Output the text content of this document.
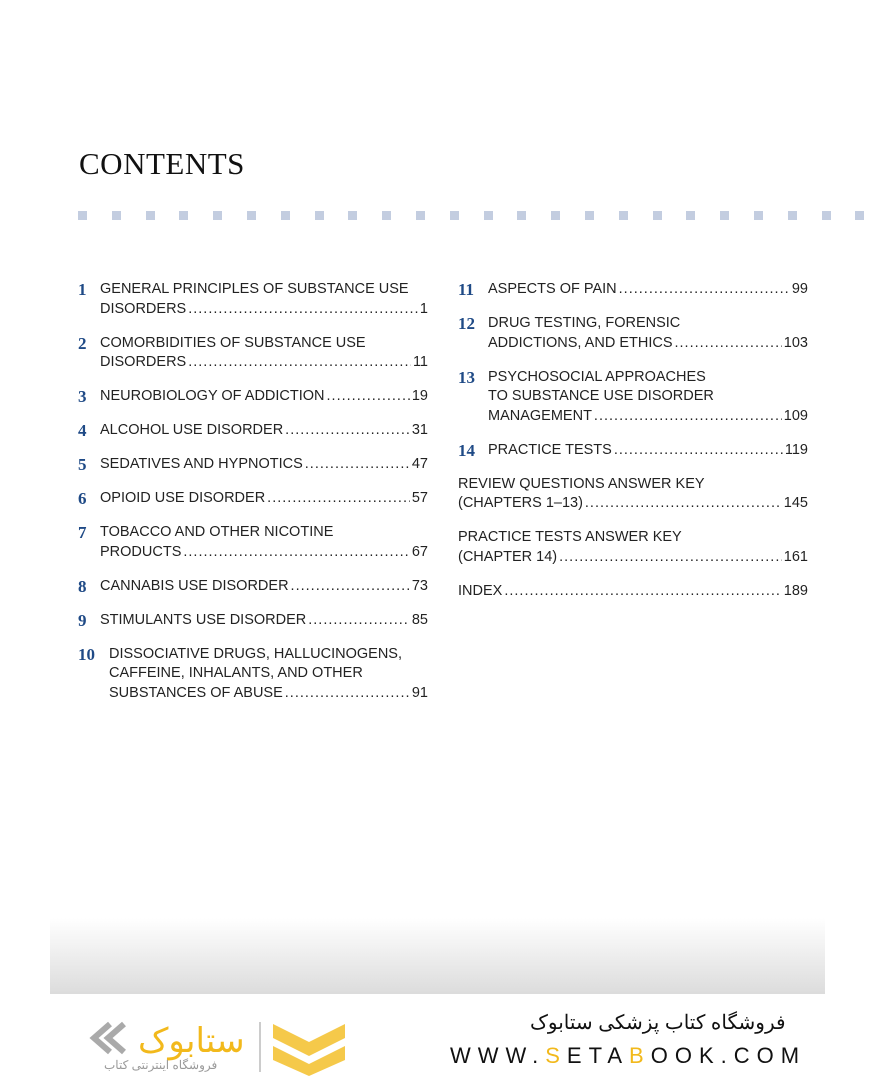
CONTENTS
1 GENERAL PRINCIPLES OF SUBSTANCE USE
DISORDERS .....	1
2 COMORBIDITIES OF SUBSTANCE USE
DISORDERS .....	11
3 NEUROBIOLOGY OF ADDICTION .....	19
4 ALCOHOL USE DISORDER .....	31
5 SEDATIVES AND HYPNOTICS .....	47
6 OPIOID USE DISORDER .....	57
7 TOBACCO AND OTHER NICOTINE
PRODUCTS .....	67
8 CANNABIS USE DISORDER .....	73
9 STIMULANTS USE DISORDER .....	85
10 DISSOCIATIVE DRUGS, HALLUCINOGENS,
CAFFEINE, INHALANTS, AND OTHER
SUBSTANCES OF ABUSE .....	91
11 ASPECTS OF PAIN .....	99
12 DRUG TESTING, FORENSIC
ADDICTIONS, AND ETHICS .....	103
13 PSYCHOSOCIAL APPROACHES
TO SUBSTANCE USE DISORDER
MANAGEMENT .....	109
14 PRACTICE TESTS .....	119
REVIEW QUESTIONS ANSWER KEY
(CHAPTERS 1–13) .....	145
PRACTICE TESTS ANSWER KEY
(CHAPTER 14) .....	161
INDEX .....	189
ستابوک
فروشگاه اینترنتی کتاب
فروشگاه کتاب پزشکی ستابوک
WWW.SETABOOK.COM
